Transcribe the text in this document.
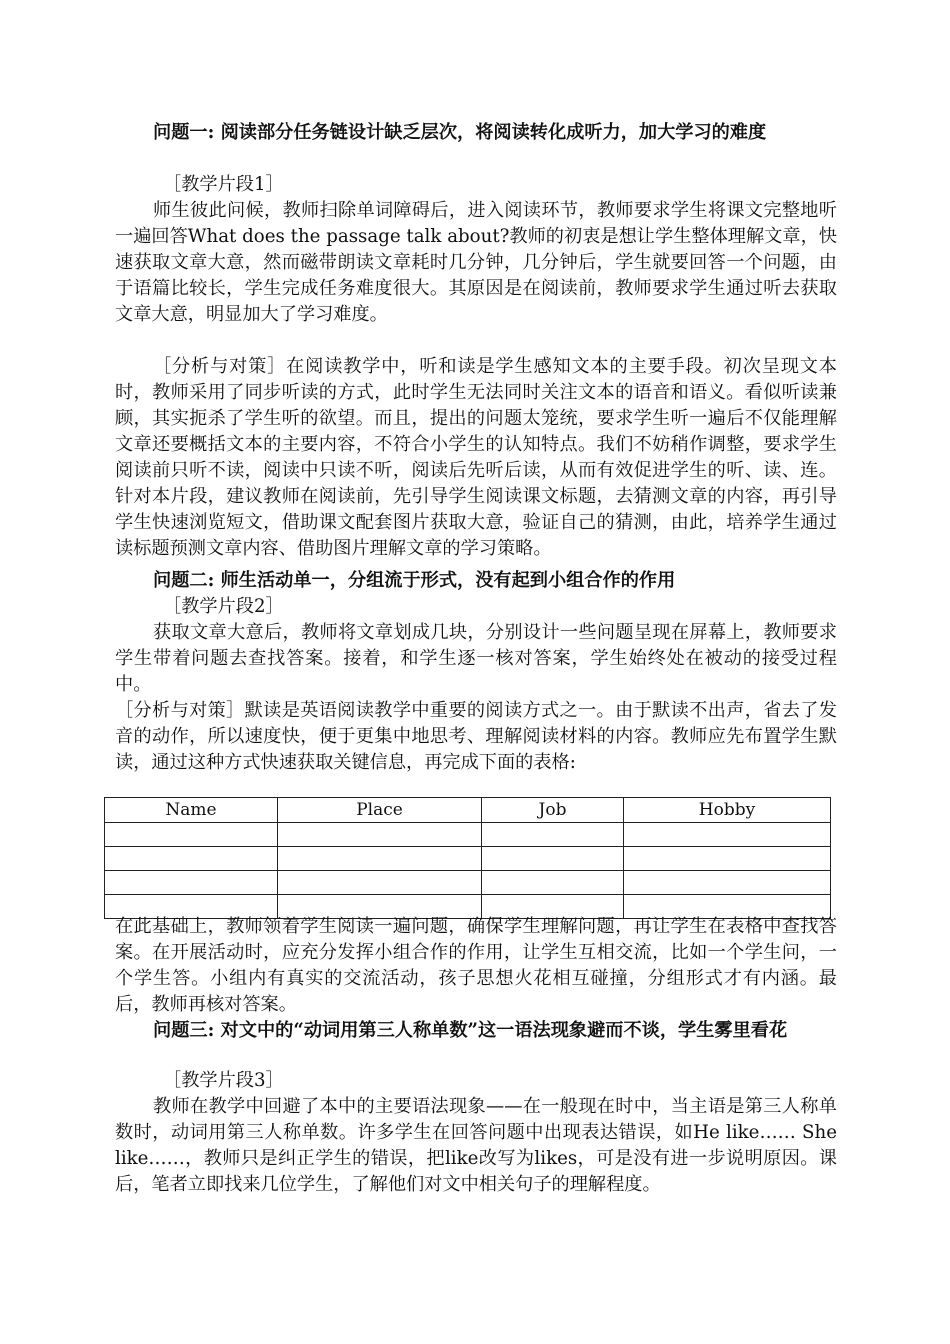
问题一: 阅读部分任务链设计缺乏层次，将阅读转化成听力，加大学习的难度

［教学片段1］

师生彼此问候，教师扫除单词障碍后，进入阅读环节，教师要求学生将课文完整地听一遍回答What does the passage talk about?教师的初衷是想让学生整体理解文章，快速获取文章大意，然而磁带朗读文章耗时几分钟，几分钟后，学生就要回答一个问题，由于语篇比较长，学生完成任务难度很大。其原因是在阅读前，教师要求学生通过听去获取文章大意，明显加大了学习难度。

［分析与对策］在阅读教学中，听和读是学生感知文本的主要手段。初次呈现文本时，教师采用了同步听读的方式，此时学生无法同时关注文本的语音和语义。看似听读兼顾，其实扼杀了学生听的欲望。而且，提出的问题太笼统，要求学生听一遍后不仅能理解文章还要概括文本的主要内容，不符合小学生的认知特点。我们不妨稍作调整，要求学生阅读前只听不读，阅读中只读不听，阅读后先听后读，从而有效促进学生的听、读、连。针对本片段，建议教师在阅读前，先引导学生阅读课文标题，去猜测文章的内容，再引导学生快速浏览短文，借助课文配套图片获取大意，验证自己的猜测，由此，培养学生通过读标题预测文章内容、借助图片理解文章的学习策略。

问题二: 师生活动单一，分组流于形式，没有起到小组合作的作用

［教学片段2］

获取文章大意后，教师将文章划成几块，分别设计一些问题呈现在屏幕上，教师要求学生带着问题去查找答案。接着，和学生逐一核对答案，学生始终处在被动的接受过程中。

［分析与对策］默读是英语阅读教学中重要的阅读方式之一。由于默读不出声，省去了发音的动作，所以速度快，便于更集中地思考、理解阅读材料的内容。教师应先布置学生默读，通过这种方式快速获取关键信息，再完成下面的表格:

Name	Place	Job	Hobby

在此基础上，教师领着学生阅读一遍问题，确保学生理解问题，再让学生在表格中查找答案。在开展活动时，应充分发挥小组合作的作用，让学生互相交流，比如一个学生问，一个学生答。小组内有真实的交流活动，孩子思想火花相互碰撞，分组形式才有内涵。最后，教师再核对答案。

问题三: 对文中的“动词用第三人称单数”这一语法现象避而不谈，学生雾里看花

［教学片段3］

教师在教学中回避了本中的主要语法现象——在一般现在时中，当主语是第三人称单数时，动词用第三人称单数。许多学生在回答问题中出现表达错误，如He like…… She like……，教师只是纠正学生的错误，把like改写为likes，可是没有进一步说明原因。课后，笔者立即找来几位学生，了解他们对文中相关句子的理解程度。
